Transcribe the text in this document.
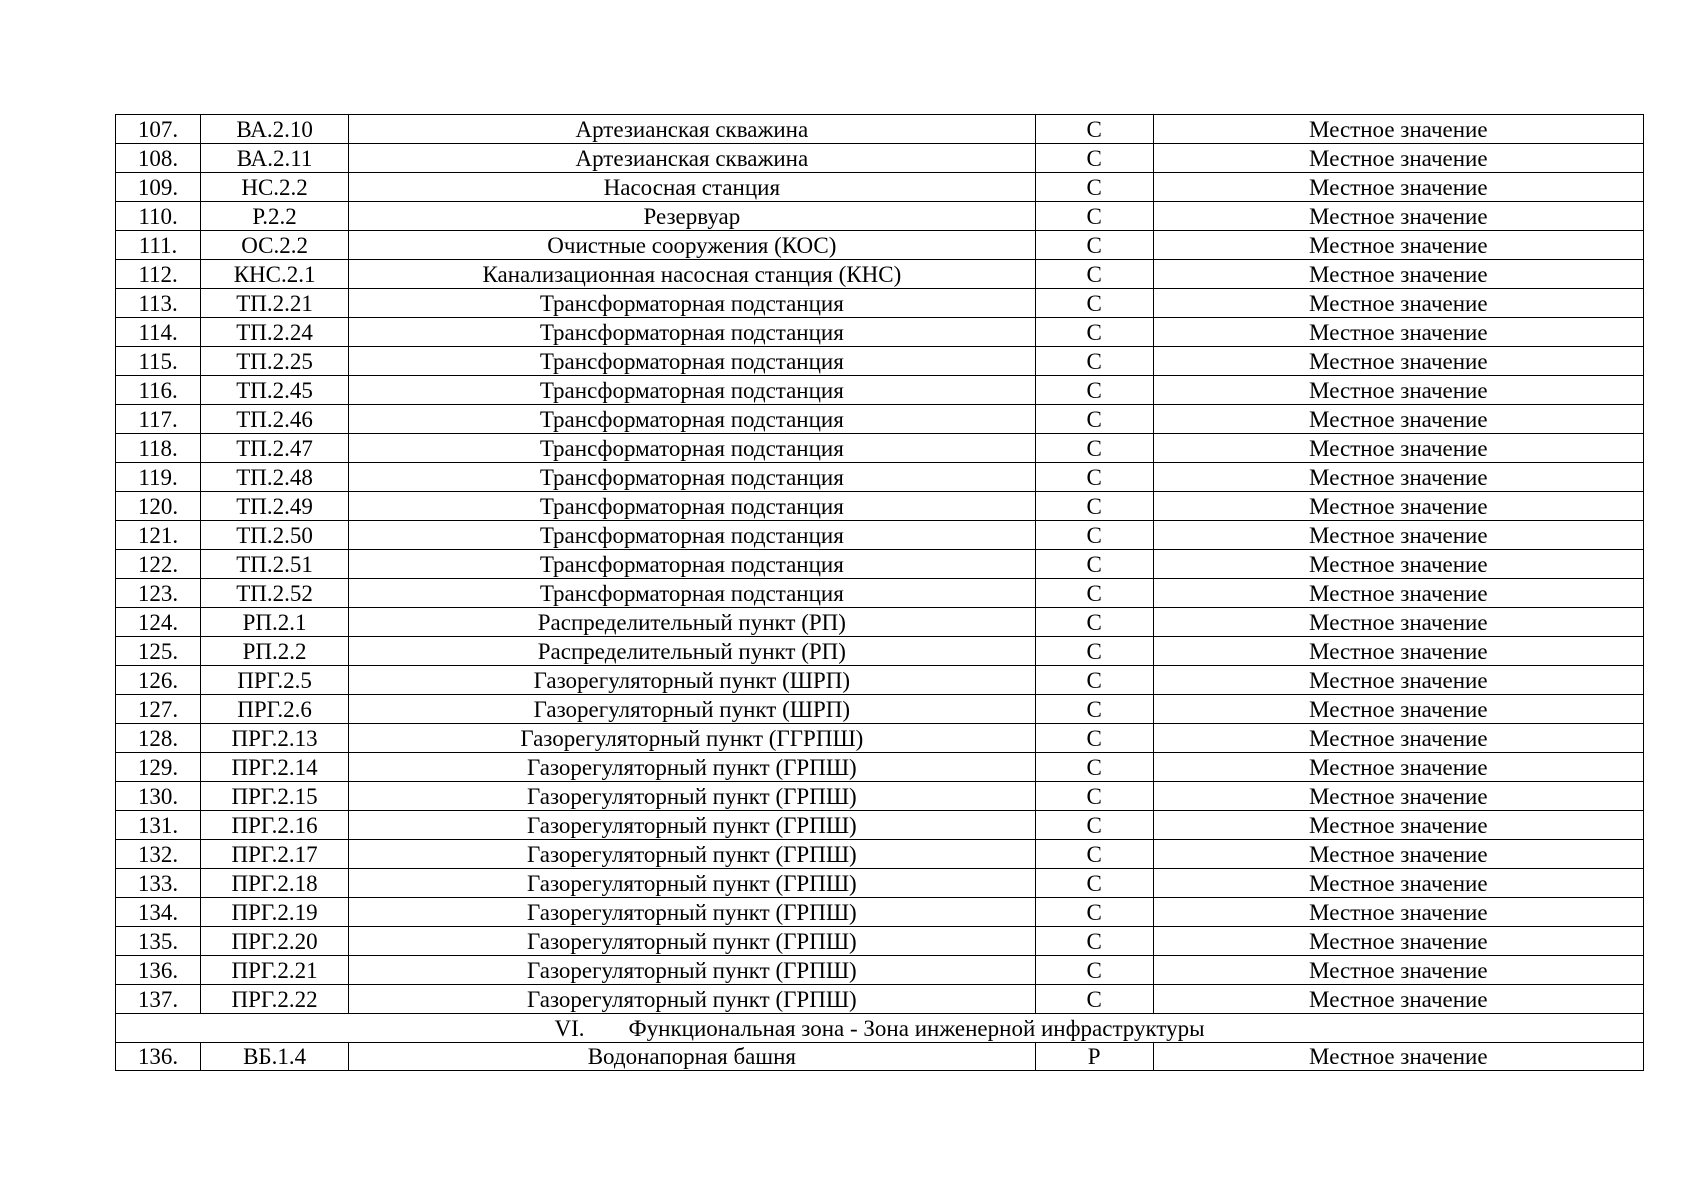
107.	ВА.2.10	Артезианская скважина	С	Местное значение
108.	ВА.2.11	Артезианская скважина	С	Местное значение
109.	НС.2.2	Насосная станция	С	Местное значение
110.	Р.2.2	Резервуар	С	Местное значение
111.	ОС.2.2	Очистные сооружения (КОС)	С	Местное значение
112.	КНС.2.1	Канализационная насосная станция (КНС)	С	Местное значение
113.	ТП.2.21	Трансформаторная подстанция	С	Местное значение
114.	ТП.2.24	Трансформаторная подстанция	С	Местное значение
115.	ТП.2.25	Трансформаторная подстанция	С	Местное значение
116.	ТП.2.45	Трансформаторная подстанция	С	Местное значение
117.	ТП.2.46	Трансформаторная подстанция	С	Местное значение
118.	ТП.2.47	Трансформаторная подстанция	С	Местное значение
119.	ТП.2.48	Трансформаторная подстанция	С	Местное значение
120.	ТП.2.49	Трансформаторная подстанция	С	Местное значение
121.	ТП.2.50	Трансформаторная подстанция	С	Местное значение
122.	ТП.2.51	Трансформаторная подстанция	С	Местное значение
123.	ТП.2.52	Трансформаторная подстанция	С	Местное значение
124.	РП.2.1	Распределительный пункт (РП)	С	Местное значение
125.	РП.2.2	Распределительный пункт (РП)	С	Местное значение
126.	ПРГ.2.5	Газорегуляторный пункт (ШРП)	С	Местное значение
127.	ПРГ.2.6	Газорегуляторный пункт (ШРП)	С	Местное значение
128.	ПРГ.2.13	Газорегуляторный пункт (ГГРПШ)	С	Местное значение
129.	ПРГ.2.14	Газорегуляторный пункт (ГРПШ)	С	Местное значение
130.	ПРГ.2.15	Газорегуляторный пункт (ГРПШ)	С	Местное значение
131.	ПРГ.2.16	Газорегуляторный пункт (ГРПШ)	С	Местное значение
132.	ПРГ.2.17	Газорегуляторный пункт (ГРПШ)	С	Местное значение
133.	ПРГ.2.18	Газорегуляторный пункт (ГРПШ)	С	Местное значение
134.	ПРГ.2.19	Газорегуляторный пункт (ГРПШ)	С	Местное значение
135.	ПРГ.2.20	Газорегуляторный пункт (ГРПШ)	С	Местное значение
136.	ПРГ.2.21	Газорегуляторный пункт (ГРПШ)	С	Местное значение
137.	ПРГ.2.22	Газорегуляторный пункт (ГРПШ)	С	Местное значение
VI. Функциональная зона - Зона инженерной инфраструктуры				
136.	ВБ.1.4	Водонапорная башня	Р	Местное значение
